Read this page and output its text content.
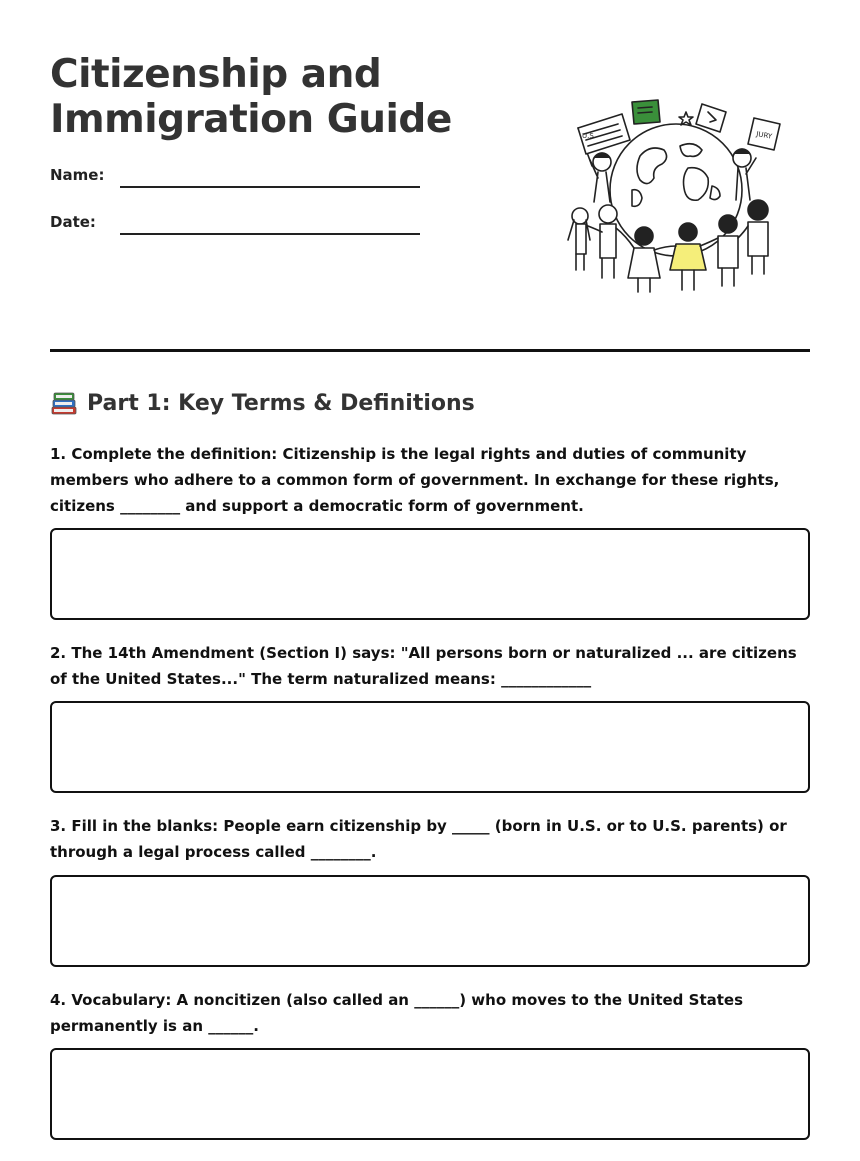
Citizenship and
Immigration Guide
Name:
Date:
U.S.	JURY
Part 1: Key Terms & Definitions

1. Complete the definition: Citizenship is the legal rights and duties of community members who adhere to a common form of government. In exchange for these rights, citizens ________ and support a democratic form of government.

2. The 14th Amendment (Section I) says: "All persons born or naturalized ... are citizens of the United States..." The term naturalized means: ____________

3. Fill in the blanks: People earn citizenship by _____ (born in U.S. or to U.S. parents) or through a legal process called ________.

4. Vocabulary: A noncitizen (also called an ______) who moves to the United States permanently is an ______.
